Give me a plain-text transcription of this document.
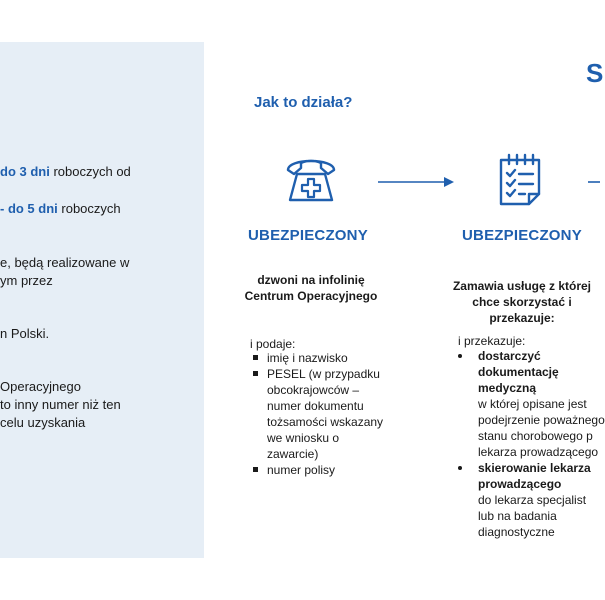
do 3 dni roboczych od
- do 5 dni roboczych
e, będą realizowane w
ym przez
n Polski.
Operacyjnego
to inny numer niż ten
celu uzyskania
S
Jak to działa?
UBEZPIECZONY
dzwoni na infolinię
Centrum Operacyjnego
i podaje:
imię i nazwisko
PESEL (w przypadku obcokrajowców – numer dokumentu tożsamości wskazany we wniosku o zawarcie)
numer polisy
UBEZPIECZONY
Zamawia usługę z której
chce skorzystać i
przekazuje:
i przekazuje:
dostarczyć
dokumentację
medyczną
w której opisane jest
podejrzenie poważnego
stanu chorobowego p
lekarza prowadzącego
skierowanie lekarza
prowadzącego
do lekarza specjalist
lub na badania
diagnostyczne
